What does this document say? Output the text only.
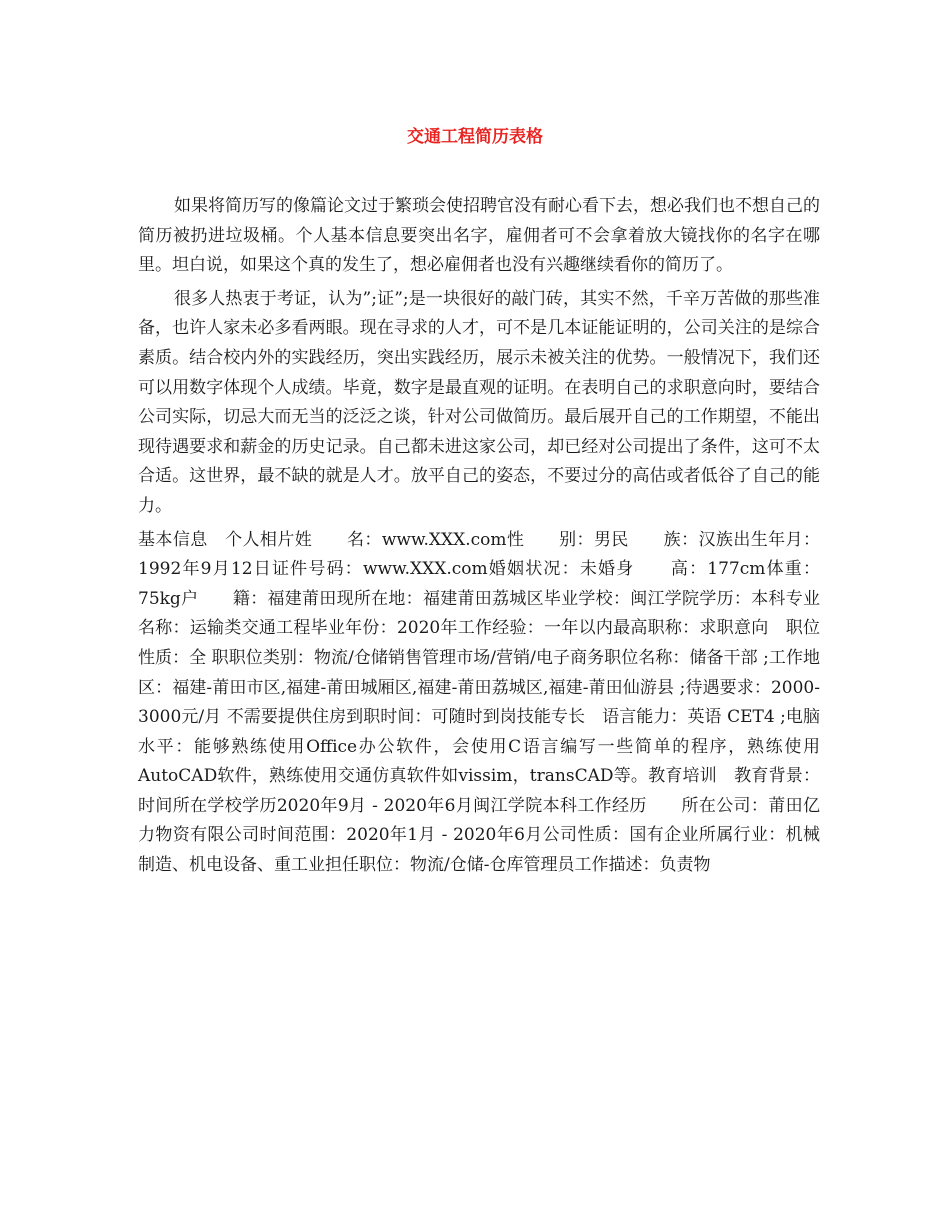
交通工程简历表格

如果将简历写的像篇论文过于繁琐会使招聘官没有耐心看下去，想必我们也不想自己的简历被扔进垃圾桶。个人基本信息要突出名字，雇佣者可不会拿着放大镜找你的名字在哪里。坦白说，如果这个真的发生了，想必雇佣者也没有兴趣继续看你的简历了。

很多人热衷于考证，认为”;证”;是一块很好的敲门砖，其实不然，千辛万苦做的那些准备，也许人家未必多看两眼。现在寻求的人才，可不是几本证能证明的，公司关注的是综合素质。结合校内外的实践经历，突出实践经历，展示未被关注的优势。一般情况下，我们还可以用数字体现个人成绩。毕竟，数字是最直观的证明。在表明自己的求职意向时，要结合公司实际，切忌大而无当的泛泛之谈，针对公司做简历。最后展开自己的工作期望，不能出现待遇要求和薪金的历史记录。自己都未进这家公司，却已经对公司提出了条件，这可不太合适。这世界，最不缺的就是人才。放平自己的姿态，不要过分的高估或者低谷了自己的能力。

基本信息　个人相片姓　　名：www.XXX.com性　　别：男民　　族：汉族出生年月：1992年9月12日证件号码：www.XXX.com婚姻状况：未婚身　　高：177cm体重：75kg户　　籍：福建莆田现所在地：福建莆田荔城区毕业学校：闽江学院学历：本科专业名称：运输类交通工程毕业年份：2020年工作经验：一年以内最高职称：求职意向　职位性质：全 职职位类别：物流/仓储销售管理市场/营销/电子商务职位名称：储备干部 ;工作地区：福建-莆田市区,福建-莆田城厢区,福建-莆田荔城区,福建-莆田仙游县 ;待遇要求：2000-3000元/月 不需要提供住房到职时间：可随时到岗技能专长　语言能力：英语 CET4 ;电脑水平：能够熟练使用Office办公软件，会使用C语言编写一些简单的程序，熟练使用AutoCAD软件，熟练使用交通仿真软件如vissim，transCAD等。教育培训　教育背景：时间所在学校学历2020年9月 - 2020年6月闽江学院本科工作经历　　所在公司：莆田亿力物资有限公司时间范围：2020年1月 - 2020年6月公司性质：国有企业所属行业：机械制造、机电设备、重工业担任职位：物流/仓储-仓库管理员工作描述：负责物
